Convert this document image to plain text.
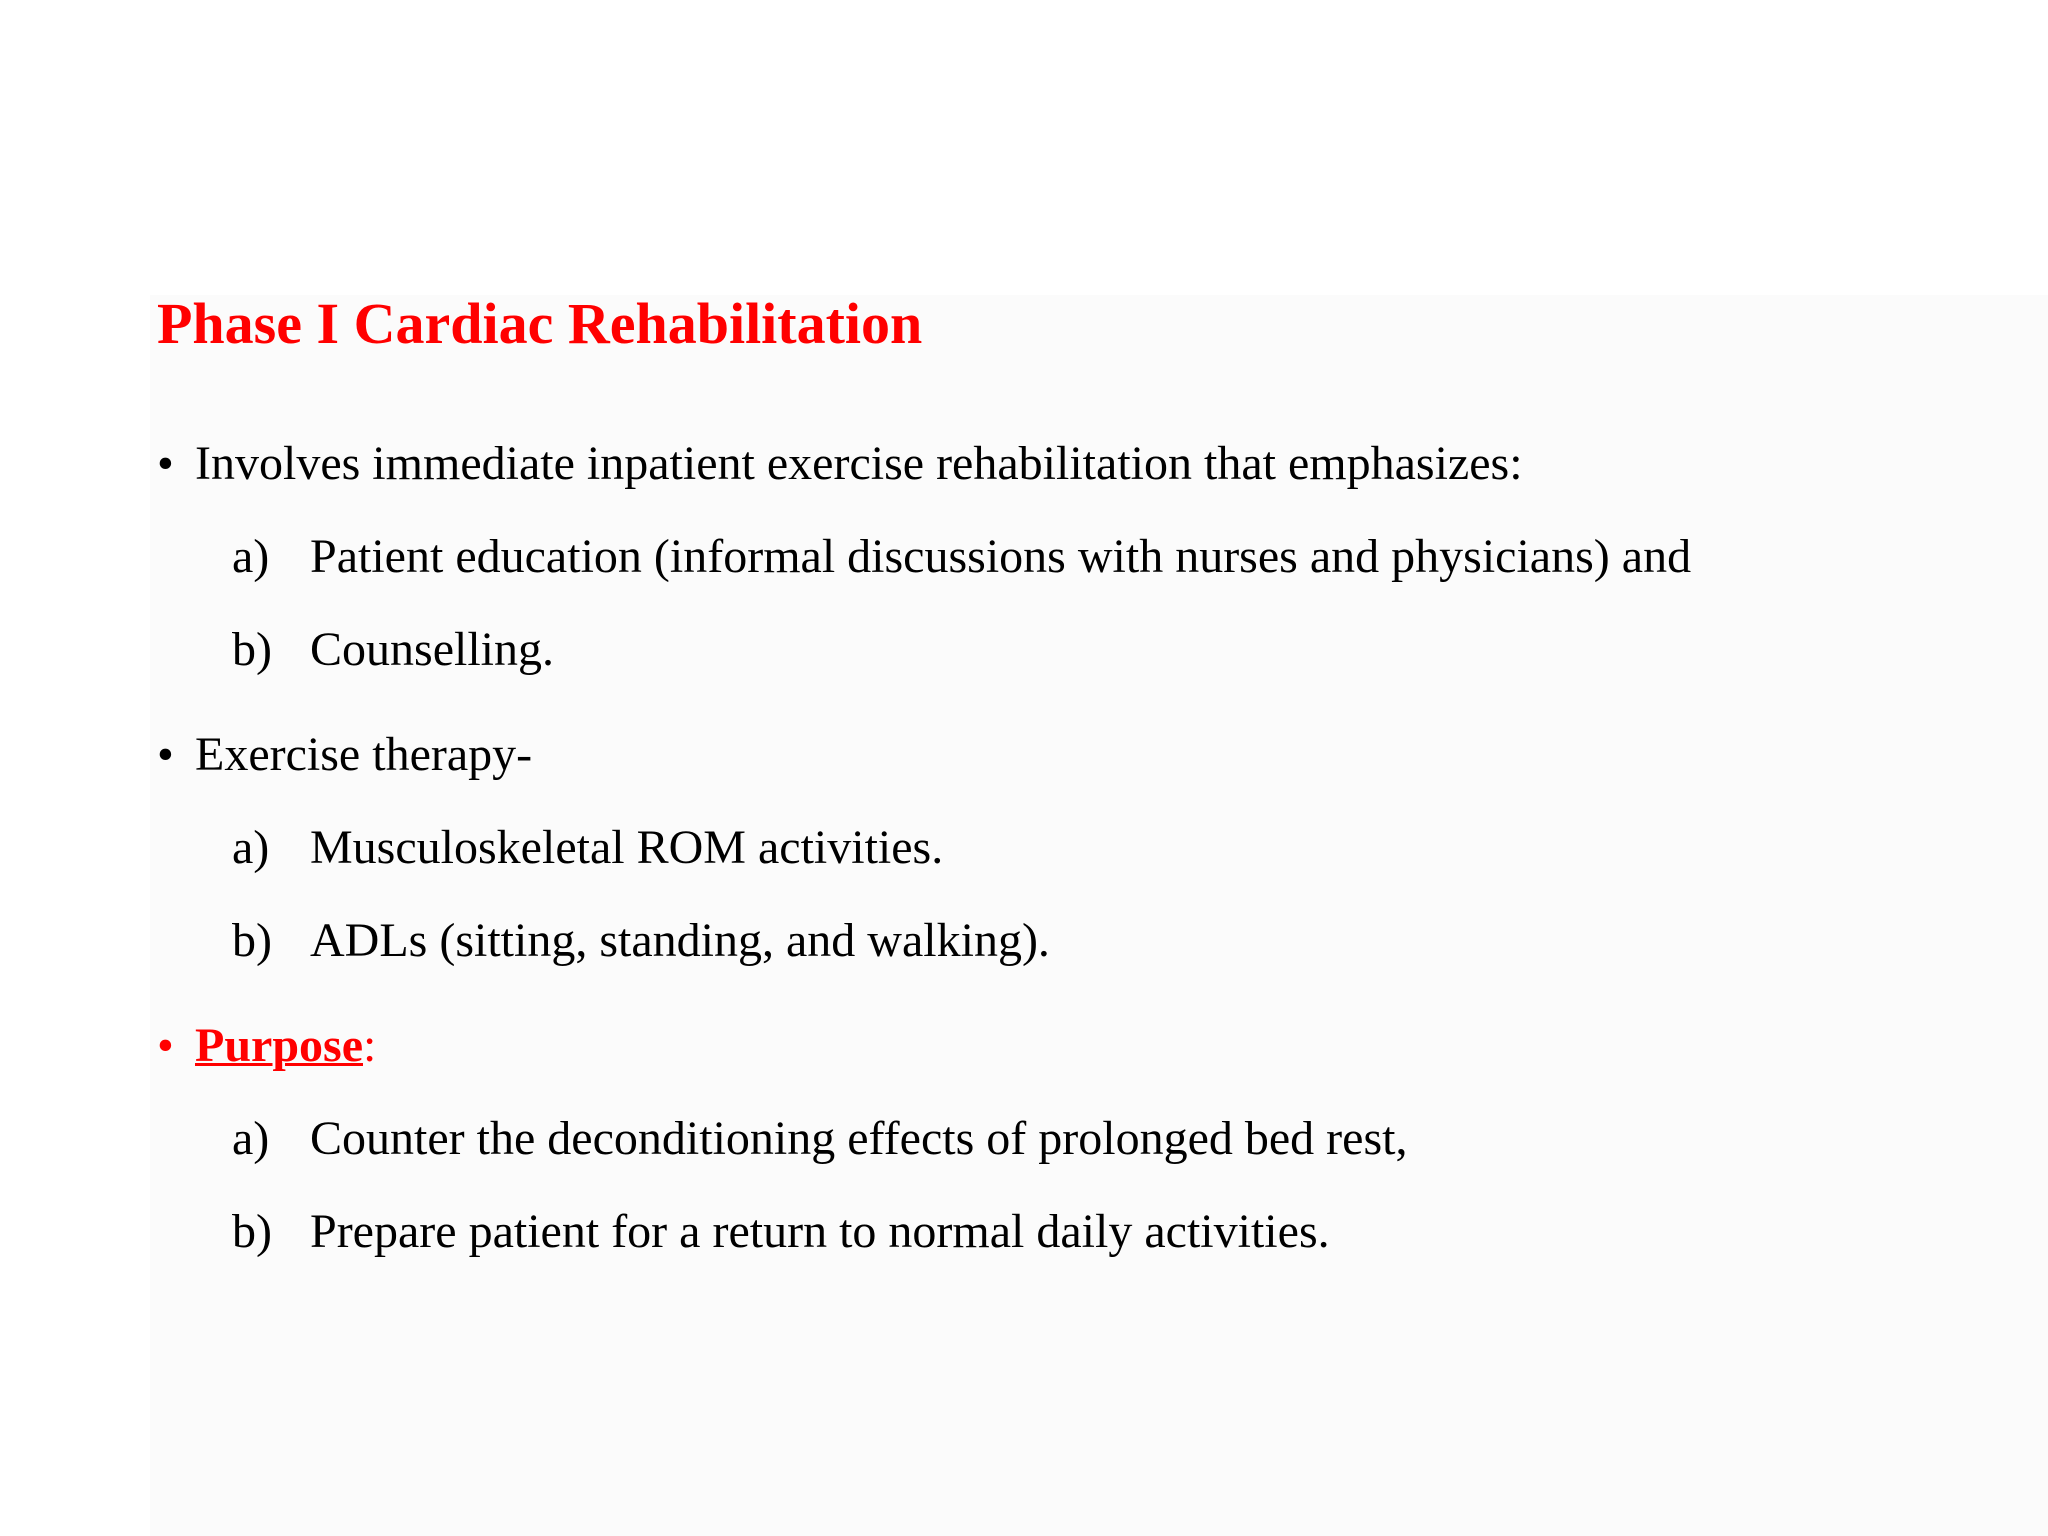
Phase I Cardiac Rehabilitation
• Involves immediate inpatient exercise rehabilitation that emphasizes:
a) Patient education (informal discussions with nurses and physicians) and
b) Counselling.
• Exercise therapy-
a) Musculoskeletal ROM activities.
b) ADLs (sitting, standing, and walking).
• Purpose:
a) Counter the deconditioning effects of prolonged bed rest,
b) Prepare patient for a return to normal daily activities.
